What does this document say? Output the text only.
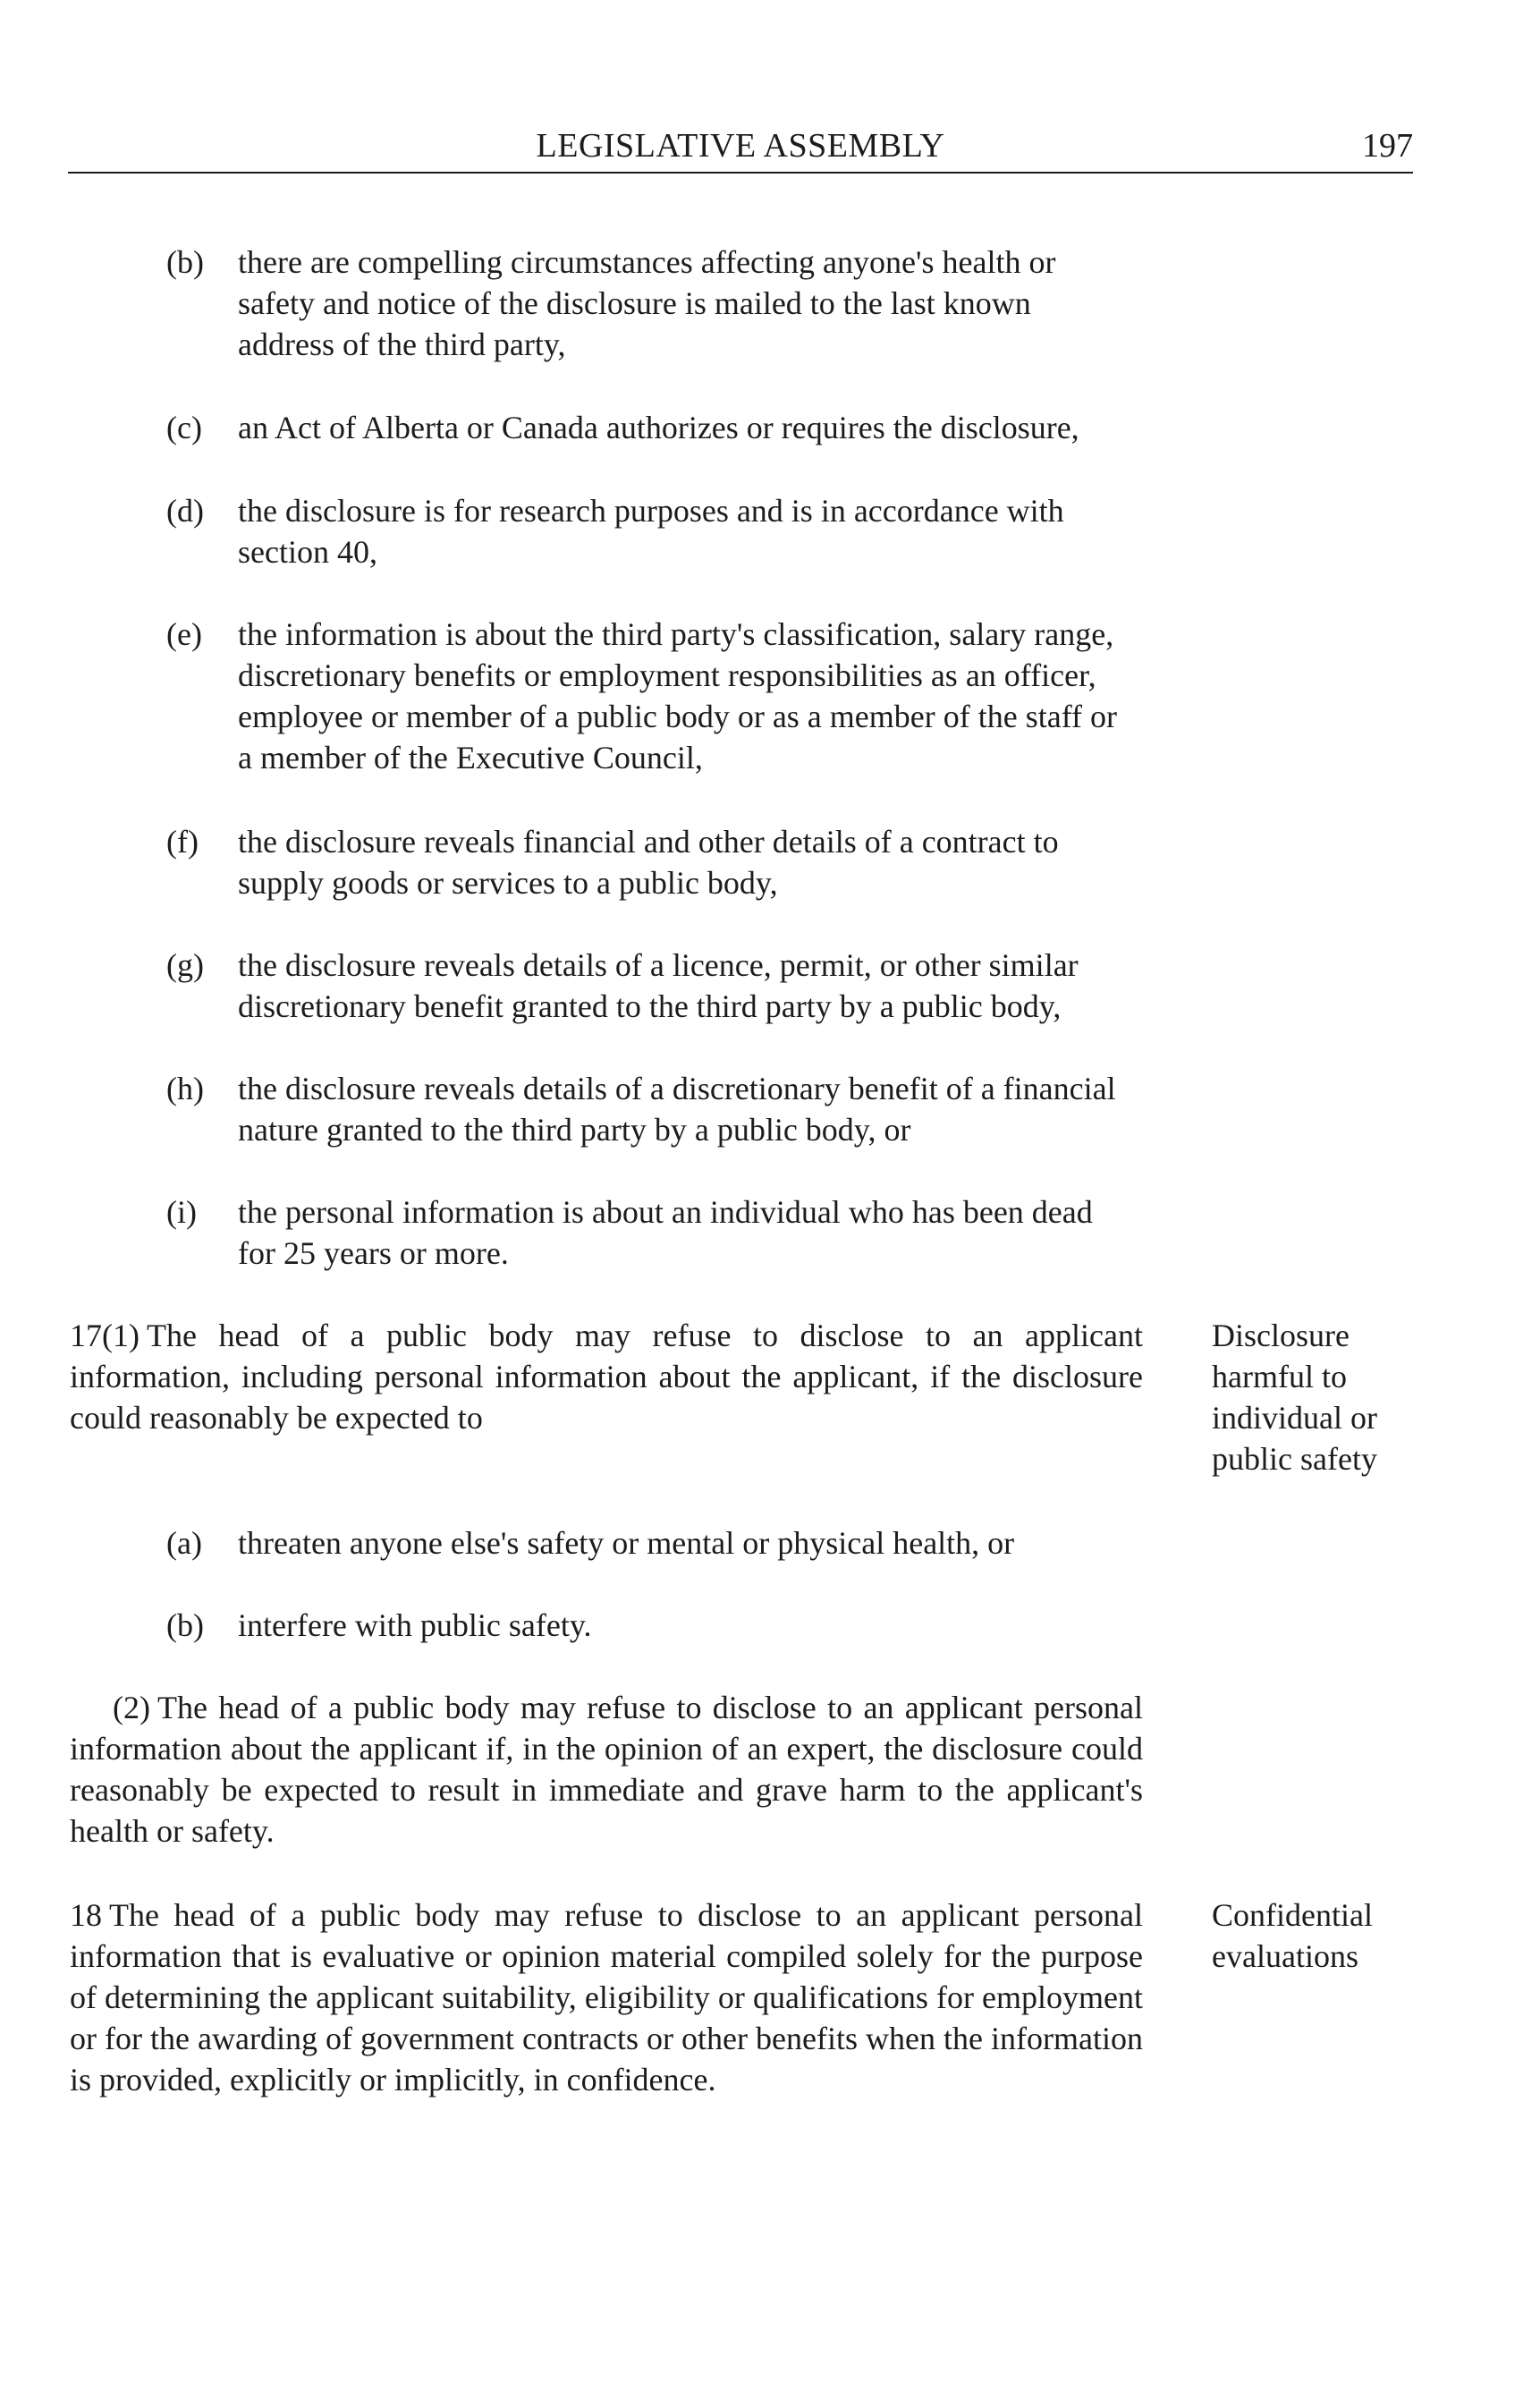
LEGISLATIVE ASSEMBLY	197
(b)	there are compelling circumstances affecting anyone's health or safety and notice of the disclosure is mailed to the last known address of the third party,
(c)	an Act of Alberta or Canada authorizes or requires the disclosure,
(d)	the disclosure is for research purposes and is in accordance with section 40,
(e)	the information is about the third party's classification, salary range, discretionary benefits or employment responsibilities as an officer, employee or member of a public body or as a member of the staff or a member of the Executive Council,
(f)	the disclosure reveals financial and other details of a contract to supply goods or services to a public body,
(g)	the disclosure reveals details of a licence, permit, or other similar discretionary benefit granted to the third party by a public body,
(h)	the disclosure reveals details of a discretionary benefit of a financial nature granted to the third party by a public body, or
(i)	the personal information is about an individual who has been dead for 25 years or more.
17(1) The head of a public body may refuse to disclose to an applicant information, including personal information about the applicant, if the disclosure could reasonably be expected to
Disclosure harmful to individual or public safety
(a)	threaten anyone else's safety or mental or physical health, or
(b)	interfere with public safety.
(2) The head of a public body may refuse to disclose to an applicant personal information about the applicant if, in the opinion of an expert, the disclosure could reasonably be expected to result in immediate and grave harm to the applicant's health or safety.
18 The head of a public body may refuse to disclose to an applicant personal information that is evaluative or opinion material compiled solely for the purpose of determining the applicant suitability, eligibility or qualifications for employment or for the awarding of government contracts or other benefits when the information is provided, explicitly or implicitly, in confidence.
Confidential evaluations
